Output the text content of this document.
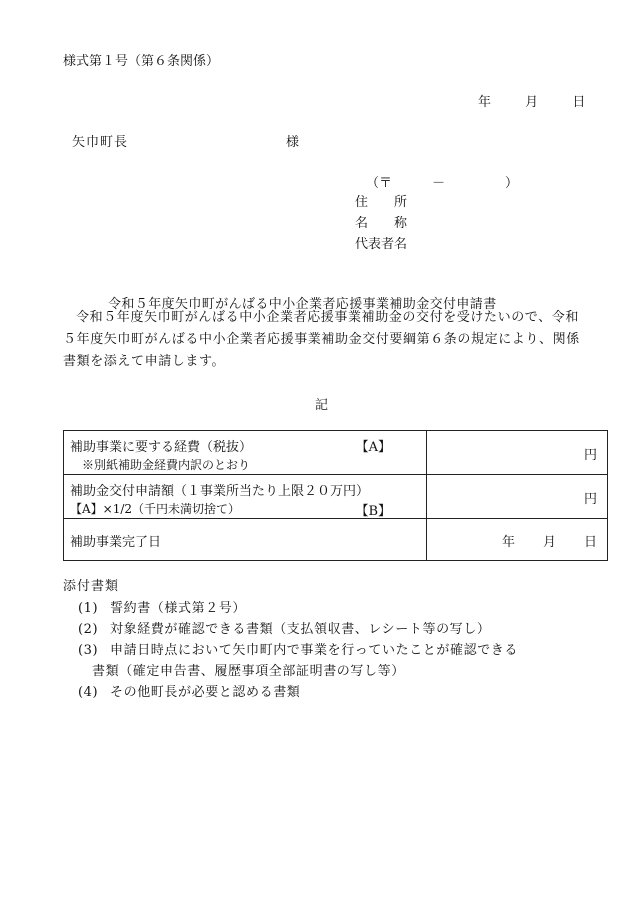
様式第１号（第６条関係）
年	月	日
矢巾町長	様
（〒	－	）
住　　所
名　　称
代表者名
令和５年度矢巾町がんばる中小企業者応援事業補助金交付申請書
令和５年度矢巾町がんばる中小企業者応援事業補助金の交付を受けたいので、令和５年度矢巾町がんばる中小企業者応援事業補助金交付要綱第６条の規定により、関係書類を添えて申請します。
記
補助事業に要する経費（税抜） 【A】
※別紙補助金経費内訳のとおり	円

補助金交付申請額（１事業所当たり上限２０万円）
【A】×1/2（千円未満切捨て） 【B】	円

補助事業完了日	年 月 日
添付書類
(1) 誓約書（様式第２号）
(2) 対象経費が確認できる書類（支払領収書、レシート等の写し）
(3) 申請日時点において矢巾町内で事業を行っていたことが確認できる
書類（確定申告書、履歴事項全部証明書の写し等）
(4) その他町長が必要と認める書類
